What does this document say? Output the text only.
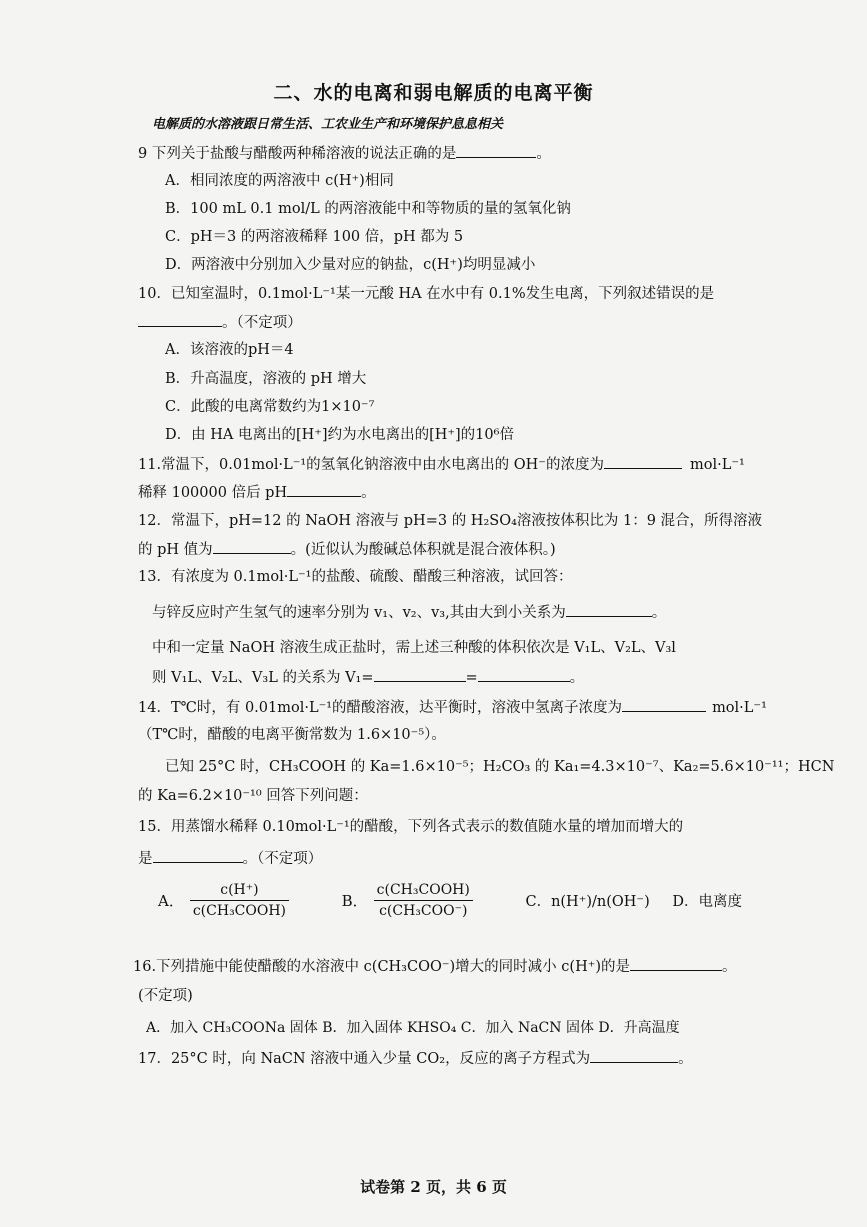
二、水的电离和弱电解质的电离平衡
电解质的水溶液跟日常生活、工农业生产和环境保护息息相关
9 下列关于盐酸与醋酸两种稀溶液的说法正确的是	。
A．相同浓度的两溶液中 c(H⁺)相同
B．100 mL 0.1 mol/L 的两溶液能中和等物质的量的氢氧化钠
C．pH＝3 的两溶液稀释 100 倍，pH 都为 5
D．两溶液中分别加入少量对应的钠盐，c(H⁺)均明显减小
10．已知室温时，0.1mol·L⁻¹某一元酸 HA 在水中有 0.1%发生电离，下列叙述错误的是
。（不定项）
A．该溶液的pH＝4
B．升高温度，溶液的 pH 增大
C．此酸的电离常数约为1×10⁻⁷
D．由 HA 电离出的[H⁺]约为水电离出的[H⁺]的10⁶倍
11.常温下，0.01mol·L⁻¹的氢氧化钠溶液中由水电离出的 OH⁻的浓度为	mol·L⁻¹
稀释 100000 倍后 pH	。
12．常温下，pH=12 的 NaOH 溶液与 pH=3 的 H₂SO₄溶液按体积比为 1：9 混合，所得溶液
的 pH 值为	。(近似认为酸碱总体积就是混合液体积。)
13．有浓度为 0.1mol·L⁻¹的盐酸、硫酸、醋酸三种溶液，试回答：
与锌反应时产生氢气的速率分别为 v₁、v₂、v₃,其由大到小关系为	。
中和一定量 NaOH 溶液生成正盐时，需上述三种酸的体积依次是 V₁L、V₂L、V₃l
则 V₁L、V₂L、V₃L 的关系为 V₁=	=	。
14．T℃时，有 0.01mol·L⁻¹的醋酸溶液，达平衡时，溶液中氢离子浓度为	mol·L⁻¹
（T℃时，醋酸的电离平衡常数为 1.6×10⁻⁵）。
已知 25°C 时，CH₃COOH 的 Ka=1.6×10⁻⁵；H₂CO₃ 的 Ka₁=4.3×10⁻⁷、Ka₂=5.6×10⁻¹¹；HCN
的 Ka=6.2×10⁻¹⁰ 回答下列问题：
15．用蒸馏水稀释 0.10mol·L⁻¹的醋酸，下列各式表示的数值随水量的增加而增大的
是	。（不定项）
A． $\frac{c(H^+)}{\text{c(CH₃COOH)}}$	B． $\frac{\text{c(CH₃COOH)}}{\text{c(CH₃COO⁻)}}$	C．n(H⁺)/n(OH⁻) D．电离度
16.下列措施中能使醋酸的水溶液中 c(CH₃COO⁻)增大的同时减小 c(H⁺)的是	。
(不定项)
A．加入 CH₃COONa 固体 B．加入固体 KHSO₄ C．加入 NaCN 固体 D．升高温度
17．25°C 时，向 NaCN 溶液中通入少量 CO₂，反应的离子方程式为	。
试卷第 2 页，共 6 页
